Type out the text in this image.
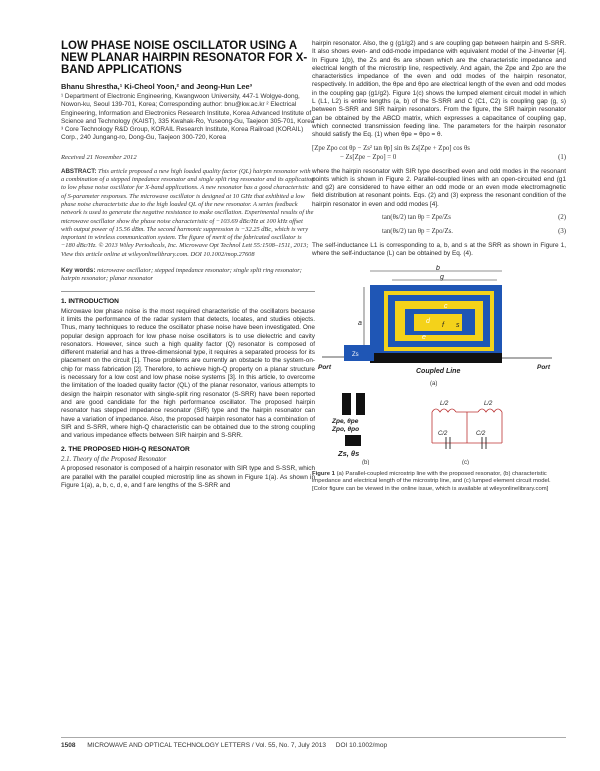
LOW PHASE NOISE OSCILLATOR USING A NEW PLANAR HAIRPIN RESONATOR FOR X-BAND APPLICATIONS

Bhanu Shrestha,¹ Ki-Cheol Yoon,² and Jeong-Hun Lee³

¹ Department of Electronic Engineering, Kwangwoon University, 447-1 Wolgye-dong, Nowon-ku, Seoul 139-701, Korea; Corresponding author: bnu@kw.ac.kr ² Electrical Engineering, Information and Electronics Research Institute, Korea Advanced Institute of Science and Technology (KAIST), 335 Kwahak-Ro, Yuseong-Gu, Taejeon 305-701, Korea ³ Core Technology R&D Group, KORAIL Research Institute, Korea Railroad (KORAIL) Corp., 240 Jungang-ro, Dong-Gu, Taejeon 300-720, Korea

Received 21 November 2012

ABSTRACT: This article proposed a new high loaded quality factor (QL) hairpin resonator with a combination of a stepped impedance resonator and single split ring resonator and its application to low phase noise oscillator for X-band applications. A new resonator has a good characteristic of S-parameter responses. The microwave oscillator is designed at 10 GHz that exhibited a low phase noise characteristic due to the high loaded QL of the new resonator. A series feedback network is used to generate the negative resistance to make oscillation. Experimental results of the microwave oscillator show the phase noise characteristic of −103.69 dBc/Hz at 100 kHz offset with output power of 15.56 dBm. The second harmonic suppression is −32.25 dBc, which is very important in wireless communication system. The figure of merit of the fabricated oscillator is −180 dBc/Hz. © 2013 Wiley Periodicals, Inc. Microwave Opt Technol Lett 55:1508–1511, 2013; View this article online at wileyonlinelibrary.com. DOI 10.1002/mop.27608

Key words: microwave oscillator; stepped impedance resonator; single split ring resonator; hairpin resonator; planar resonator

1. INTRODUCTION

Microwave low phase noise is the most required characteristic of the oscillators because it limits the performance of the radar system that detects, locates, and studies objects. Thus, many techniques to reduce the oscillator phase noise have been investigated. One popular design approach for low phase noise oscillators is to use dielectric and cavity resonators. However, since such a high quality factor (Q) resonator is composed of different material and has a three-dimensional type, it requires a separated process for its placement on the circuit [1]. These problems are currently an obstacle to the system-on-chip for mass fabrication [2]. Therefore, to achieve high-Q property on a planar structure is necessary for a low cost and low phase noise systems [3]. In this article, to overcome the limitation of the loaded quality factor (QL) of the planar resonator, various attempts to design the hairpin resonator with single-split ring resonator (S-SRR) have been reported and are good candidate for the high performance oscillator. The proposed hairpin resonator has stepped impedance resonator (SIR) type and the hairpin resonator can have a variation of impedance. Also, the proposed hairpin resonator has a combination of SIR and S-SRR, where high-Q characteristic can be obtained due to the strong coupling and various impedance effects between SIR hairpin and S-SRR.

2. THE PROPOSED HIGH-Q RESONATOR

2.1. Theory of the Proposed Resonator

A proposed resonator is composed of a hairpin resonator with SIR type and S-SSR, which are parallel with the parallel coupled microstrip line as shown in Figure 1(a). As shown in Figure 1(a), a, b, c, d, e, and f are lengths of the S-SRR and

hairpin resonator. Also, the g (g1/g2) and s are coupling gap between hairpin and S-SRR. It also shows even- and odd-mode impedance with equivalent model of the J-inverter [4]. In Figure 1(b), the Zs and θs are shown which are the characteristic impedance and electrical length of the microstrip line, respectively. And again, the Zpe and Zpo are the characteristics impedance of the even and odd modes of the hairpin resonator, respectively. In addition, the θpe and θpo are electrical length of the even and odd modes in the coupling gap (g1/g2). Figure 1(c) shows the lumped element circuit model in which L (L1, L2) is entire lengths (a, b) of the S-SRR and C (C1, C2) is coupling gap (g, s) between S-SRR and SIR hairpin resonators. From the figure, the SIR hairpin resonator can be obtained by the ABCD matrix, which expresses a capacitance of coupling gap, which connected transmission feeding line. The parameters for the hairpin resonator should satisfy the Eq. (1) when θpe = θpo = θ.

[Zpe Zpo cot θp − Zs² tan θp] sin θs Zs[Zpe + Zpo] cos θs
− Zs[Zpe − Zpo] = 0	(1)

where the hairpin resonator with SIR type described even and odd modes in the resonant points which is shown in Figure 2. Parallel-coupled lines with an open-circuited end (g1 and g2) are considered to have either an odd mode or an even mode electromagnetic field distribution at resonant points. Eqs. (2) and (3) express the resonant condition of the hairpin resonator in even and odd modes [4].

tan(θs/2) tan θp = Zpe/Zs	(2)
tan(θs/2) tan θp = Zpo/Zs.	(3)

The self-inductance L1 is corresponding to a, b, and s at the SRR as shown in Figure 1, where the self-inductance (L) can be obtained by Eq. (4).

b
g
c
d
e
f s
a
Zs
Port	Port
Coupled Line
(a)
Zpe, θpe
Zpo, θpo
Zs, θs
(b)
L/2	L/2
C/2	C/2
(c)

Figure 1 (a) Parallel-coupled microstrip line with the proposed resonator, (b) characteristic impedance and electrical length of the microstrip line, and (c) lumped element circuit model. [Color figure can be viewed in the online issue, which is available at wileyonlinelibrary.com]

1508 MICROWAVE AND OPTICAL TECHNOLOGY LETTERS / Vol. 55, No. 7, July 2013 DOI 10.1002/mop
